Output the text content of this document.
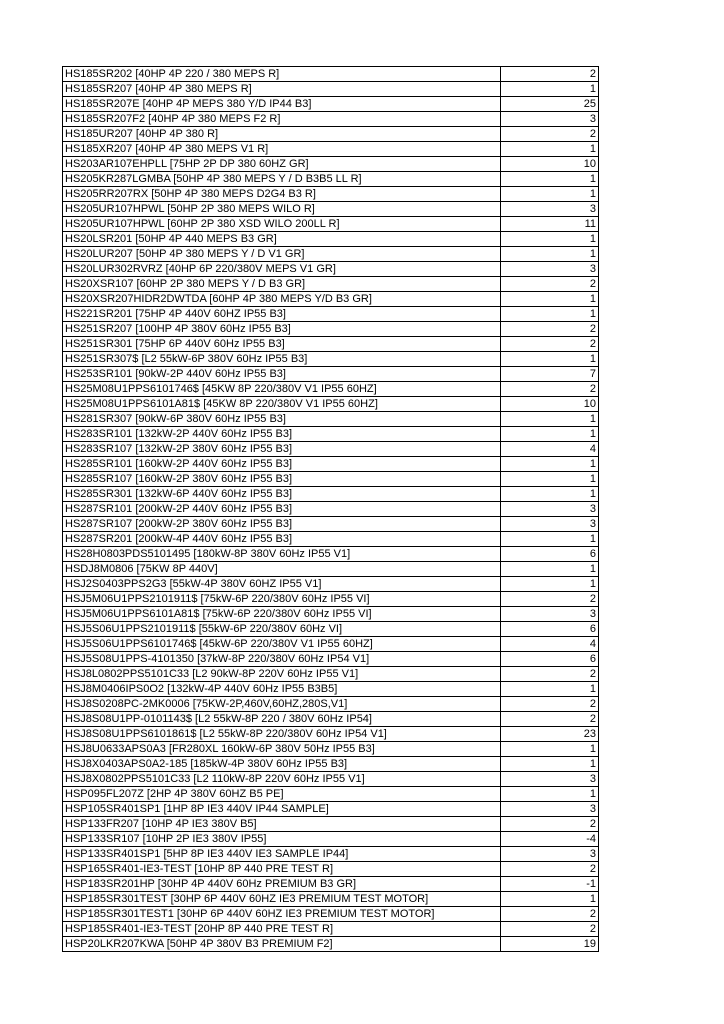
HS185SR202 [40HP 4P 220 / 380 MEPS R]	2
HS185SR207 [40HP 4P 380 MEPS R]	1
HS185SR207E [40HP 4P MEPS 380 Y/D IP44 B3]	25
HS185SR207F2 [40HP 4P 380 MEPS F2 R]	3
HS185UR207 [40HP 4P 380 R]	2
HS185XR207 [40HP 4P 380 MEPS V1 R]	1
HS203AR107EHPLL [75HP 2P DP 380 60HZ GR]	10
HS205KR287LGMBA [50HP 4P 380 MEPS Y / D B3B5 LL R]	1
HS205RR207RX [50HP 4P 380 MEPS D2G4 B3 R]	1
HS205UR107HPWL [50HP 2P 380 MEPS WILO R]	3
HS205UR107HPWL [60HP 2P 380 XSD WILO 200LL R]	11
HS20LSR201 [50HP 4P 440 MEPS B3 GR]	1
HS20LUR207 [50HP 4P 380 MEPS Y / D V1 GR]	1
HS20LUR302RVRZ [40HP 6P 220/380V MEPS V1 GR]	3
HS20XSR107 [60HP 2P 380 MEPS Y / D B3 GR]	2
HS20XSR207HIDR2DWTDA [60HP 4P 380 MEPS Y/D B3 GR]	1
HS221SR201 [75HP 4P 440V 60HZ IP55 B3]	1
HS251SR207 [100HP 4P 380V 60Hz IP55 B3]	2
HS251SR301 [75HP 6P 440V 60Hz IP55 B3]	2
HS251SR307$ [L2 55kW-6P 380V 60Hz IP55 B3]	1
HS253SR101 [90kW-2P 440V 60Hz IP55 B3]	7
HS25M08U1PPS6101746$ [45KW 8P 220/380V V1 IP55 60HZ]	2
HS25M08U1PPS6101A81$ [45KW 8P 220/380V V1 IP55 60HZ]	10
HS281SR307 [90kW-6P 380V 60Hz IP55 B3]	1
HS283SR101 [132kW-2P 440V 60Hz IP55 B3]	1
HS283SR107 [132kW-2P 380V 60Hz IP55 B3]	4
HS285SR101 [160kW-2P 440V 60Hz IP55 B3]	1
HS285SR107 [160kW-2P 380V 60Hz IP55 B3]	1
HS285SR301 [132kW-6P 440V 60Hz IP55 B3]	1
HS287SR101 [200kW-2P 440V 60Hz IP55 B3]	3
HS287SR107 [200kW-2P 380V 60Hz IP55 B3]	3
HS287SR201 [200kW-4P 440V 60Hz IP55 B3]	1
HS28H0803PDS5101495 [180kW-8P 380V 60Hz IP55 V1]	6
HSDJ8M0806 [75KW 8P 440V]	1
HSJ2S0403PPS2G3 [55kW-4P 380V 60HZ IP55 V1]	1
HSJ5M06U1PPS2101911$ [75kW-6P 220/380V 60Hz IP55 VI]	2
HSJ5M06U1PPS6101A81$ [75kW-6P 220/380V 60Hz IP55 VI]	3
HSJ5S06U1PPS2101911$ [55kW-6P 220/380V 60Hz VI]	6
HSJ5S06U1PPS6101746$ [45kW-6P 220/380V V1 IP55 60HZ]	4
HSJ5S08U1PPS-4101350 [37kW-8P 220/380V 60Hz IP54 V1]	6
HSJ8L0802PPS5101C33 [L2 90kW-8P 220V 60Hz IP55 V1]	2
HSJ8M0406IPS0O2 [132kW-4P 440V 60Hz IP55 B3B5]	1
HSJ8S0208PC-2MK0006 [75KW-2P,460V,60HZ,280S,V1]	2
HSJ8S08U1PP-0101143$ [L2 55kW-8P 220 / 380V 60Hz IP54]	2
HSJ8S08U1PPS6101861$ [L2 55kW-8P 220/380V 60Hz IP54 V1]	23
HSJ8U0633APS0A3 [FR280XL 160kW-6P 380V 50Hz IP55 B3]	1
HSJ8X0403APS0A2-185 [185kW-4P 380V 60Hz IP55 B3]	1
HSJ8X0802PPS5101C33 [L2 110kW-8P 220V 60Hz IP55 V1]	3
HSP095FL207Z [2HP 4P 380V 60HZ B5 PE]	1
HSP105SR401SP1 [1HP 8P IE3 440V IP44 SAMPLE]	3
HSP133FR207 [10HP 4P IE3 380V B5]	2
HSP133SR107 [10HP 2P IE3 380V IP55]	-4
HSP133SR401SP1 [5HP 8P IE3 440V IE3 SAMPLE IP44]	3
HSP165SR401-IE3-TEST [10HP 8P 440 PRE TEST R]	2
HSP183SR201HP [30HP 4P 440V 60Hz PREMIUM B3 GR]	-1
HSP185SR301TEST [30HP 6P 440V 60HZ IE3 PREMIUM TEST MOTOR]	1
HSP185SR301TEST1 [30HP 6P 440V 60HZ IE3 PREMIUM TEST MOTOR]	2
HSP185SR401-IE3-TEST [20HP 8P 440 PRE TEST R]	2
HSP20LKR207KWA [50HP 4P 380V B3 PREMIUM F2]	19
